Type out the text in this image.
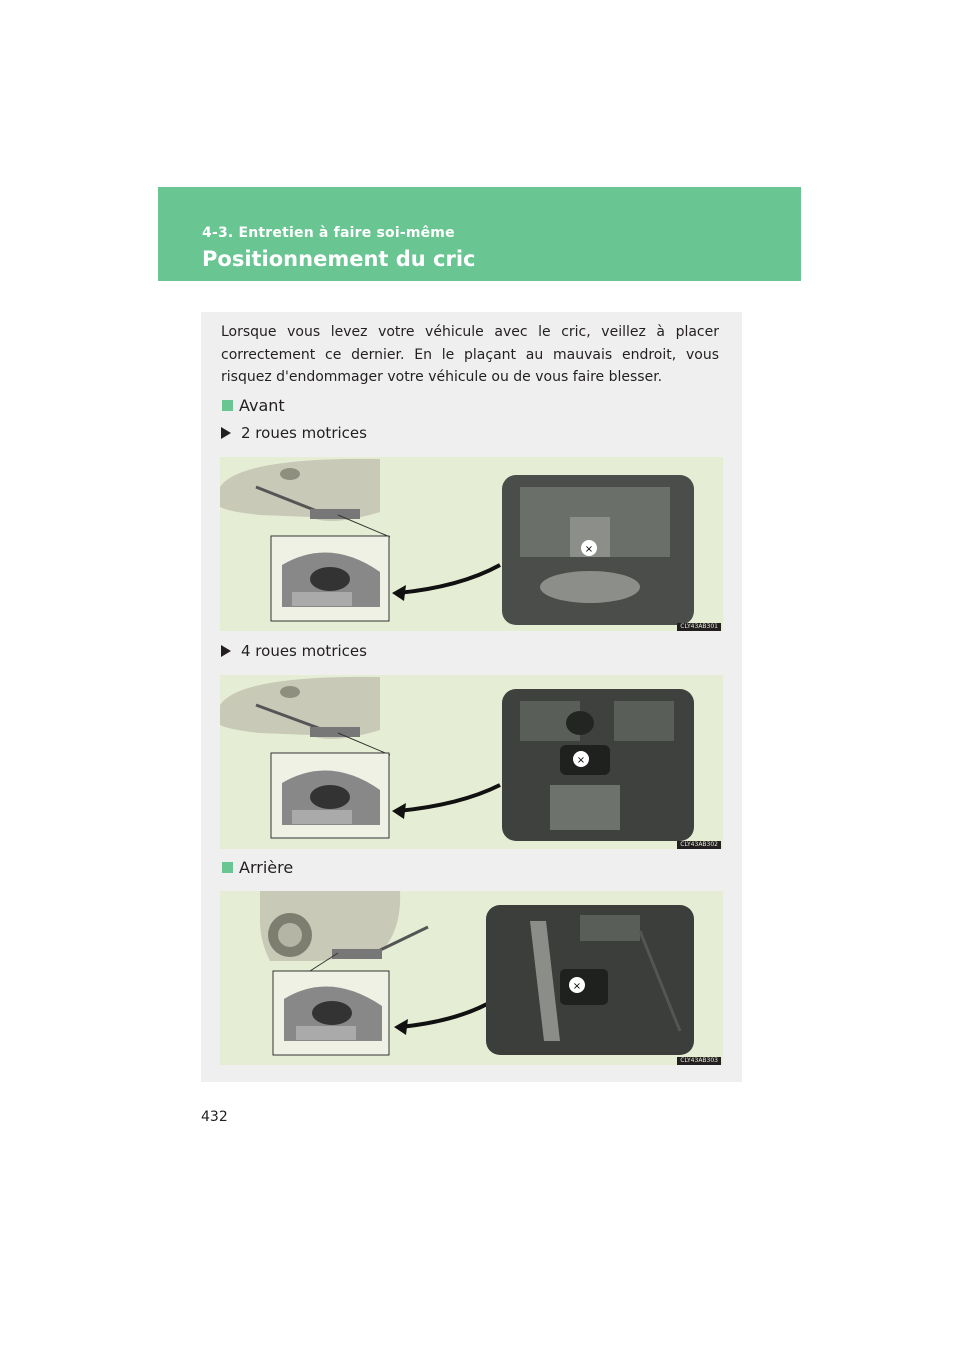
4-3. Entretien à faire soi-même
Positionnement du cric
Lorsque vous levez votre véhicule avec le cric, veillez à placer correctement ce dernier. En le plaçant au mauvais endroit, vous risquez d'endommager votre véhicule ou de vous faire blesser.
Avant
2 roues motrices
×
CLY43AB301
4 roues motrices
×
CLY43AB302
Arrière
×
CLY43AB303
432
